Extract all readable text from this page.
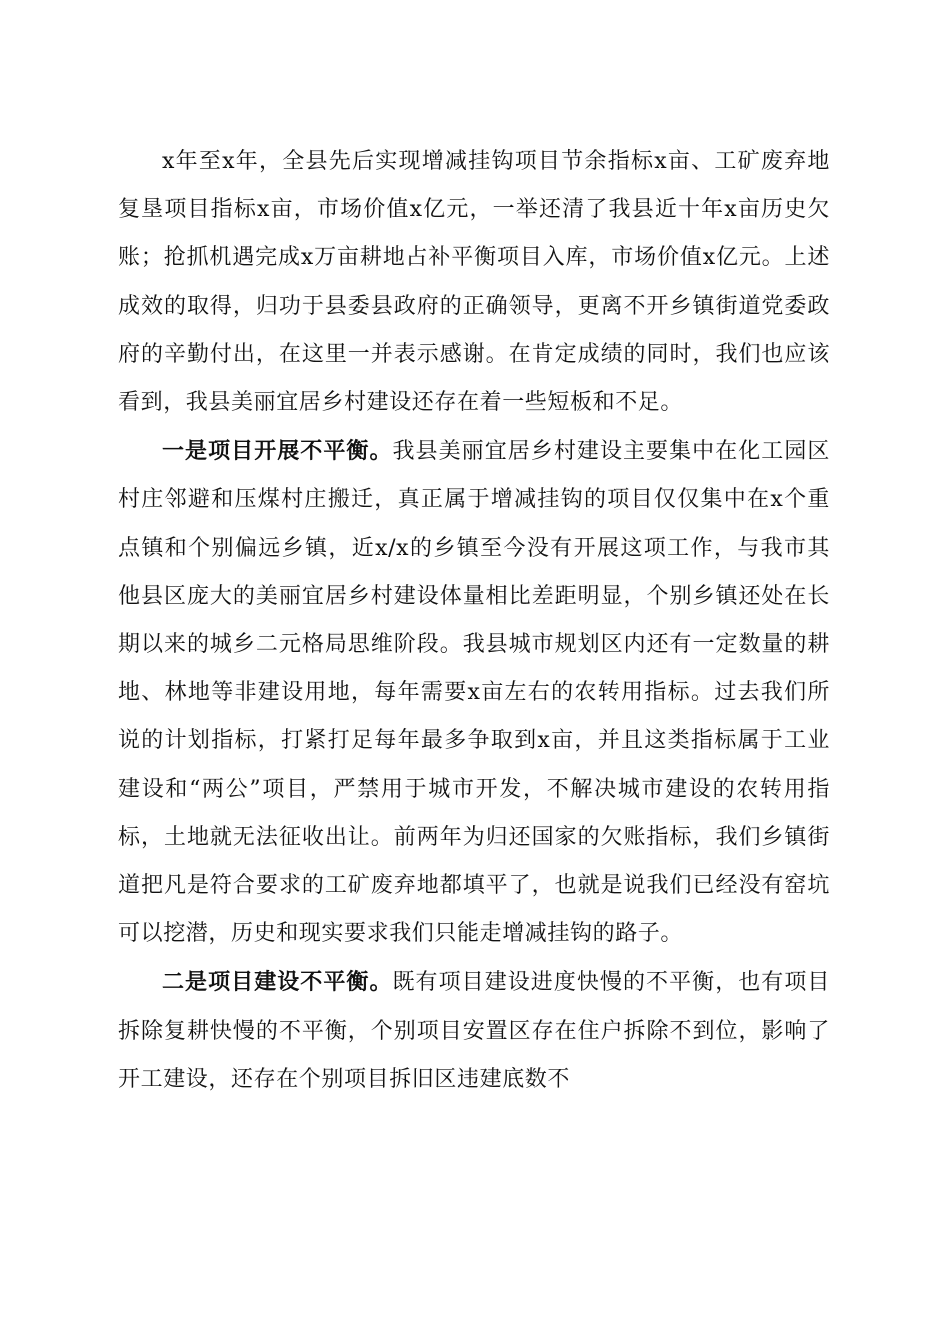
x年至x年，全县先后实现增减挂钩项目节余指标x亩、工矿废弃地复垦项目指标x亩，市场价值x亿元，一举还清了我县近十年x亩历史欠账；抢抓机遇完成x万亩耕地占补平衡项目入库，市场价值x亿元。上述成效的取得，归功于县委县政府的正确领导，更离不开乡镇街道党委政府的辛勤付出，在这里一并表示感谢。在肯定成绩的同时，我们也应该看到，我县美丽宜居乡村建设还存在着一些短板和不足。

一是项目开展不平衡。我县美丽宜居乡村建设主要集中在化工园区村庄邻避和压煤村庄搬迁，真正属于增减挂钩的项目仅仅集中在x个重点镇和个别偏远乡镇，近x/x的乡镇至今没有开展这项工作，与我市其他县区庞大的美丽宜居乡村建设体量相比差距明显，个别乡镇还处在长期以来的城乡二元格局思维阶段。我县城市规划区内还有一定数量的耕地、林地等非建设用地，每年需要x亩左右的农转用指标。过去我们所说的计划指标，打紧打足每年最多争取到x亩，并且这类指标属于工业建设和“两公”项目，严禁用于城市开发，不解决城市建设的农转用指标，土地就无法征收出让。前两年为归还国家的欠账指标，我们乡镇街道把凡是符合要求的工矿废弃地都填平了，也就是说我们已经没有窑坑可以挖潜，历史和现实要求我们只能走增减挂钩的路子。

二是项目建设不平衡。既有项目建设进度快慢的不平衡，也有项目拆除复耕快慢的不平衡，个别项目安置区存在住户拆除不到位，影响了开工建设，还存在个别项目拆旧区违建底数不
